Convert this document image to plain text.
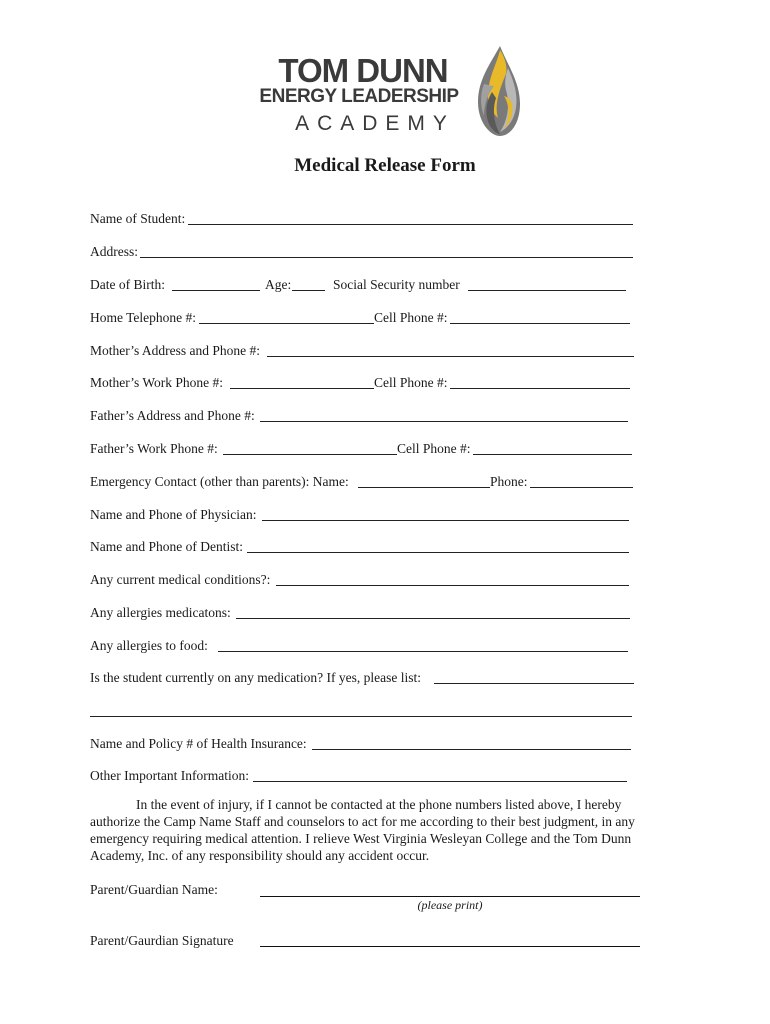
TOM DUNN
ENERGY LEADERSHIP
ACADEMY
Medical Release Form
Name of Student:
Address:
Date of Birth:	Age:	Social Security number
Home Telephone #:	Cell Phone #:
Mother’s Address and Phone #:
Mother’s Work Phone #:	Cell Phone #:
Father’s Address and Phone #:
Father’s Work Phone #:	Cell Phone #:
Emergency Contact (other than parents): Name:	Phone:
Name and Phone of Physician:
Name and Phone of Dentist:
Any current medical conditions?:
Any allergies medicatons:
Any allergies to food:
Is the student currently on any medication? If yes, please list:
Name and Policy # of Health Insurance:
Other Important Information:
In the event of injury, if I cannot be contacted at the phone numbers listed above, I hereby authorize the Camp Name Staff and counselors to act for me according to their best judgment, in any emergency requiring medical attention. I relieve West Virginia Wesleyan College and the Tom Dunn Academy, Inc. of any responsibility should any accident occur.
Parent/Guardian Name:
(please print)
Parent/Gaurdian Signature
